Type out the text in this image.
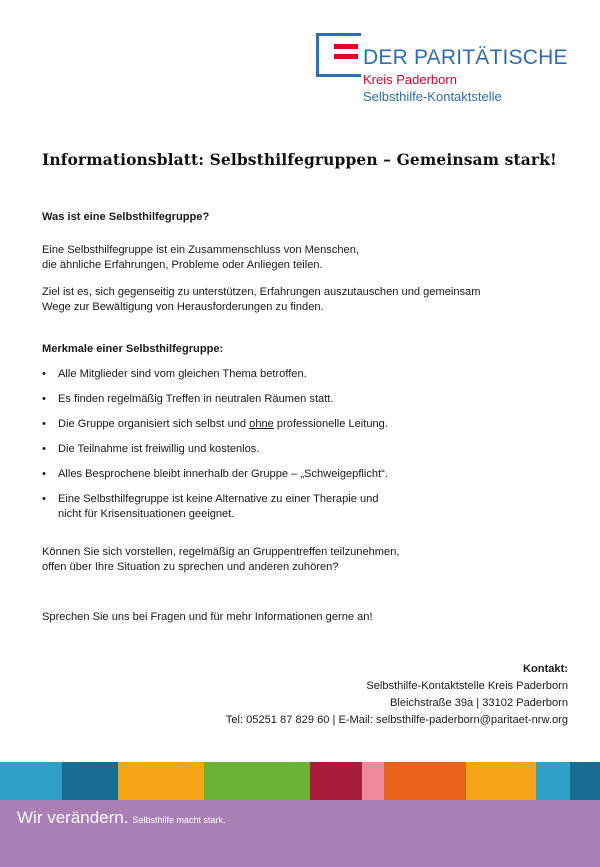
DER PARITÄTISCHE
Kreis Paderborn
Selbsthilfe-Kontaktstelle
Informationsblatt: Selbsthilfegruppen – Gemeinsam stark!

Was ist eine Selbsthilfegruppe?

Eine Selbsthilfegruppe ist ein Zusammenschluss von Menschen,
die ähnliche Erfahrungen, Probleme oder Anliegen teilen.

Ziel ist es, sich gegenseitig zu unterstützen, Erfahrungen auszutauschen und gemeinsam
Wege zur Bewältigung von Herausforderungen zu finden.

Merkmale einer Selbsthilfegruppe:

• Alle Mitglieder sind vom gleichen Thema betroffen.
• Es finden regelmäßig Treffen in neutralen Räumen statt.
• Die Gruppe organisiert sich selbst und ohne professionelle Leitung.
• Die Teilnahme ist freiwillig und kostenlos.
• Alles Besprochene bleibt innerhalb der Gruppe – „Schweigepflicht“.
• Eine Selbsthilfegruppe ist keine Alternative zu einer Therapie und
nicht für Krisensituationen geeignet.

Können Sie sich vorstellen, regelmäßig an Gruppentreffen teilzunehmen,
offen über Ihre Situation zu sprechen und anderen zuhören?

Sprechen Sie uns bei Fragen und für mehr Informationen gerne an!

Kontakt:
Selbsthilfe-Kontaktstelle Kreis Paderborn
Bleichstraße 39a | 33102 Paderborn
Tel: 05251 87 829 60 | E-Mail: selbsthilfe-paderborn@paritaet-nrw.org
Wir verändern. Selbsthilfe macht stark.
